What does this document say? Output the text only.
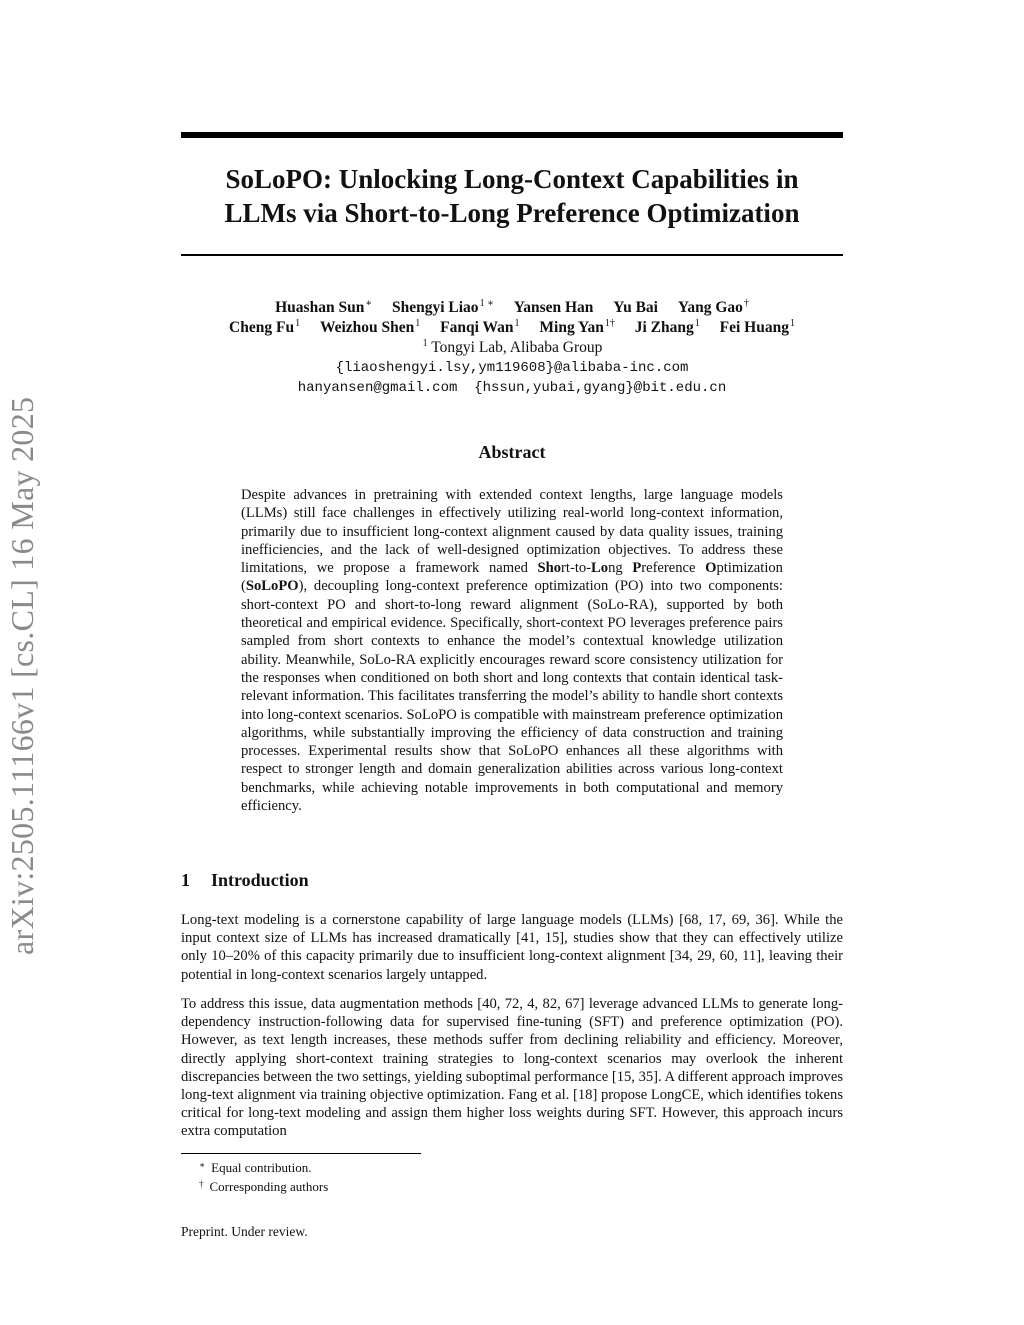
arXiv:2505.11166v1 [cs.CL] 16 May 2025
SoLoPO: Unlocking Long-Context Capabilities in
LLMs via Short-to-Long Preference Optimization
Huashan Sun∗ Shengyi Liao$^{1 ∗}$ Yansen Han Yu Bai Yang Gao†
Cheng Fu$^1$ Weizhou Shen$^1$ Fanqi Wan$^1$ Ming Yan$^{1\dagger}$ Ji Zhang$^1$ Fei Huang$^1$
$^1$ Tongyi Lab, Alibaba Group
{liaoshengyi.lsy,ym119608}@alibaba-inc.com
hanyansen@gmail.com  {hssun,yubai,gyang}@bit.edu.cn
Abstract
Despite advances in pretraining with extended context lengths, large language models (LLMs) still face challenges in effectively utilizing real-world long-context information, primarily due to insufficient long-context alignment caused by data quality issues, training inefficiencies, and the lack of well-designed optimization objectives. To address these limitations, we propose a framework named Short-to-Long Preference Optimization (SoLoPO), decoupling long-context preference optimization (PO) into two components: short-context PO and short-to-long reward alignment (SoLo-RA), supported by both theoretical and empirical evidence. Specifically, short-context PO leverages preference pairs sampled from short contexts to enhance the model’s contextual knowledge utilization ability. Meanwhile, SoLo-RA explicitly encourages reward score consistency utilization for the responses when conditioned on both short and long contexts that contain identical task-relevant information. This facilitates transferring the model’s ability to handle short contexts into long-context scenarios. SoLoPO is compatible with mainstream preference optimization algorithms, while substantially improving the efficiency of data construction and training processes. Experimental results show that SoLoPO enhances all these algorithms with respect to stronger length and domain generalization abilities across various long-context benchmarks, while achieving notable improvements in both computational and memory efficiency.
1 Introduction
Long-text modeling is a cornerstone capability of large language models (LLMs) [68, 17, 69, 36]. While the input context size of LLMs has increased dramatically [41, 15], studies show that they can effectively utilize only 10–20% of this capacity primarily due to insufficient long-context alignment [34, 29, 60, 11], leaving their potential in long-context scenarios largely untapped.
To address this issue, data augmentation methods [40, 72, 4, 82, 67] leverage advanced LLMs to generate long-dependency instruction-following data for supervised fine-tuning (SFT) and preference optimization (PO). However, as text length increases, these methods suffer from declining reliability and efficiency. Moreover, directly applying short-context training strategies to long-context scenarios may overlook the inherent discrepancies between the two settings, yielding suboptimal performance [15, 35]. A different approach improves long-text alignment via training objective optimization. Fang et al. [18] propose LongCE, which identifies tokens critical for long-text modeling and assign them higher loss weights during SFT. However, this approach incurs extra computation
∗ Equal contribution.
† Corresponding authors
Preprint. Under review.
